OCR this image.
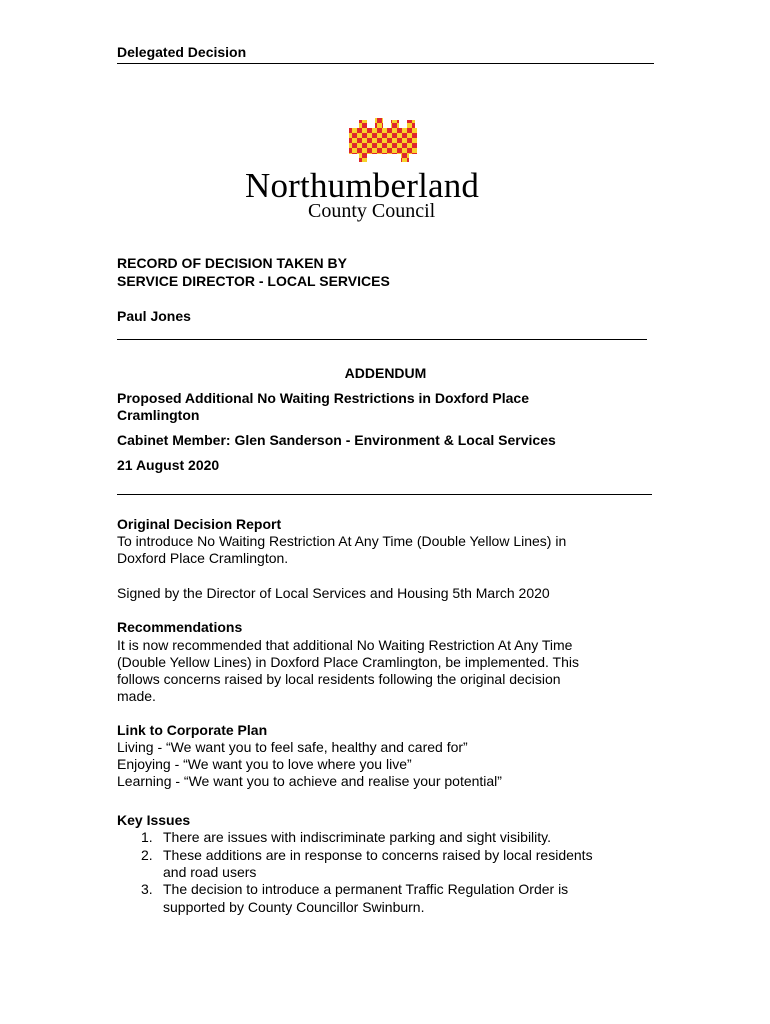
Delegated Decision
Northumberland
County Council
RECORD OF DECISION TAKEN BY
SERVICE DIRECTOR - LOCAL SERVICES
Paul Jones
ADDENDUM
Proposed Additional No Waiting Restrictions in Doxford Place
Cramlington
Cabinet Member: Glen Sanderson - Environment & Local Services
21 August 2020
Original Decision Report
To introduce No Waiting Restriction At Any Time (Double Yellow Lines) in
Doxford Place Cramlington.
Signed by the Director of Local Services and Housing 5th March 2020
Recommendations
It is now recommended that additional No Waiting Restriction At Any Time
(Double Yellow Lines) in Doxford Place Cramlington, be implemented. This
follows concerns raised by local residents following the original decision
made.
Link to Corporate Plan
Living - “We want you to feel safe, healthy and cared for”
Enjoying - “We want you to love where you live”
Learning - “We want you to achieve and realise your potential”
Key Issues
1. There are issues with indiscriminate parking and sight visibility.
2. These additions are in response to concerns raised by local residents
and road users
3. The decision to introduce a permanent Traffic Regulation Order is
supported by County Councillor Swinburn.
